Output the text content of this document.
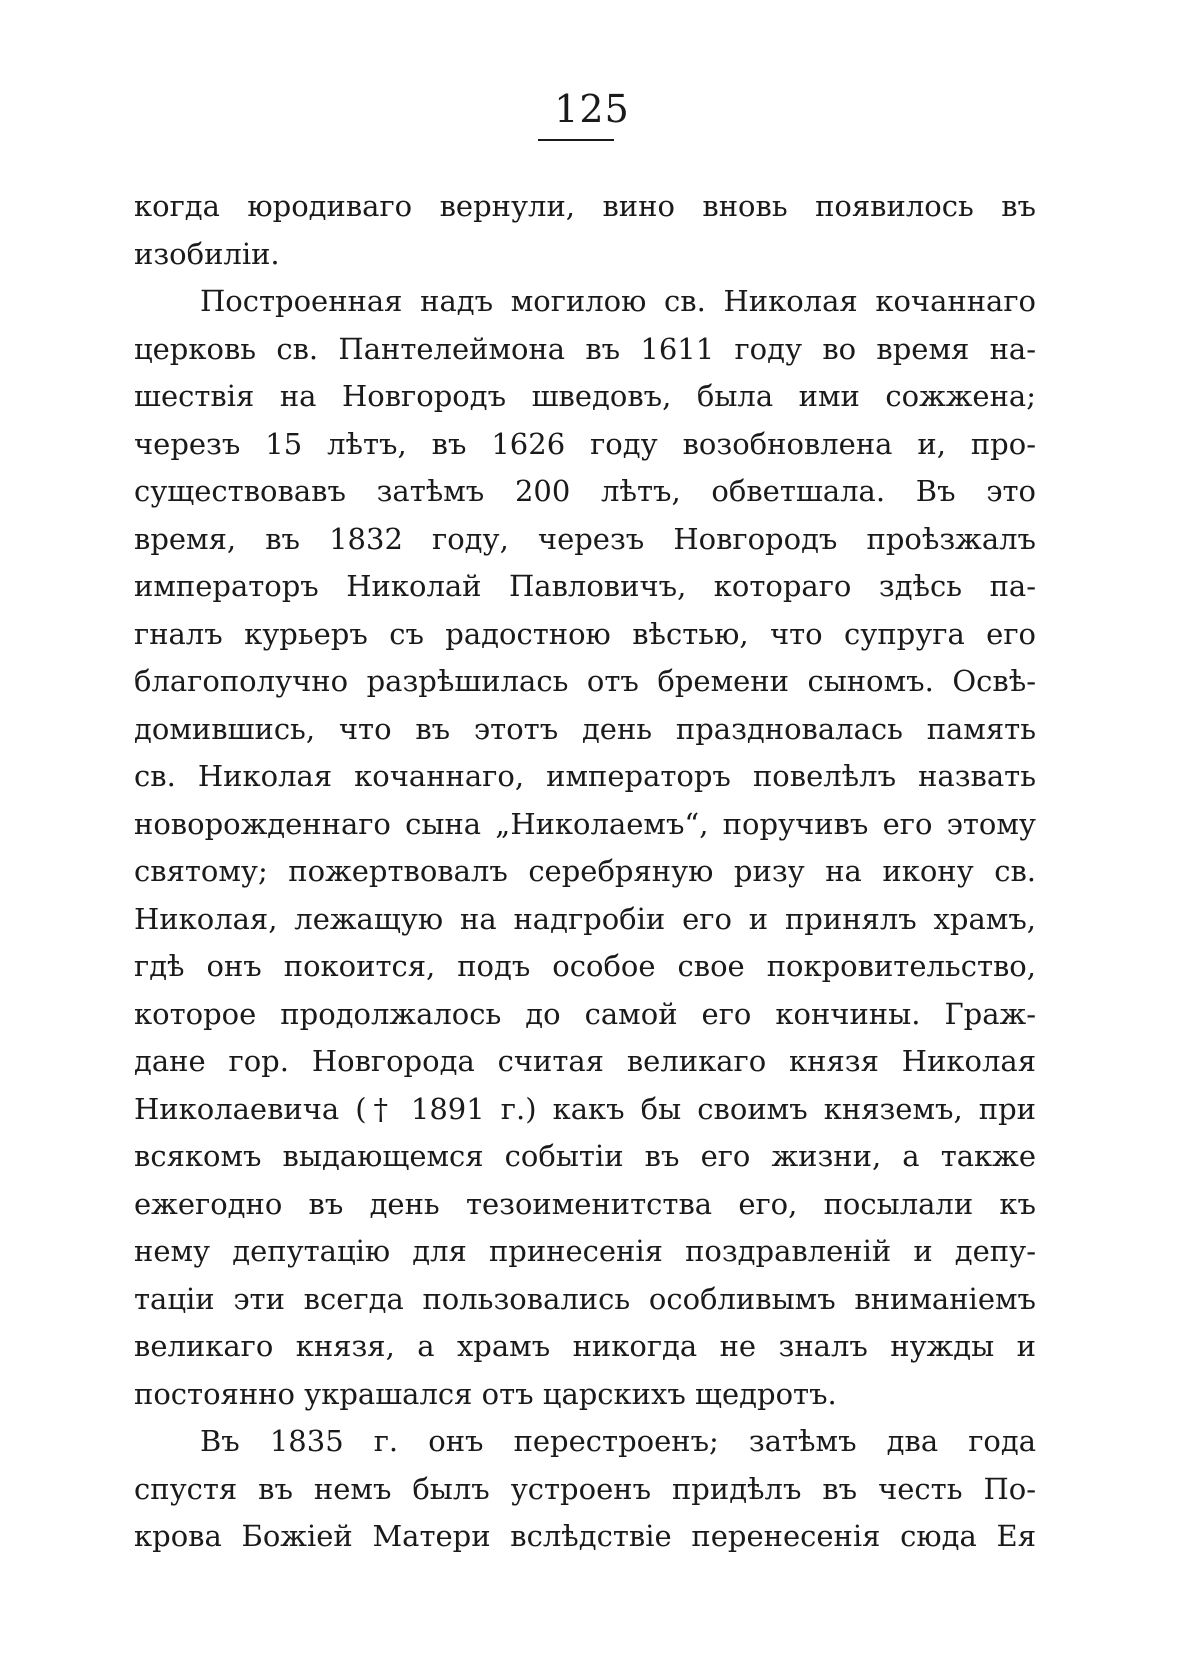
125
когда юродиваго вернули, вино вновь появилось въ
изобиліи.
Построенная надъ могилою св. Николая кочаннаго
церковь св. Пантелеймона въ 1611 году во время на-
шествія на Новгородъ шведовъ, была ими сожжена;
черезъ 15 лѣтъ, въ 1626 году возобновлена и, про-
существовавъ затѣмъ 200 лѣтъ, обветшала. Въ это
время, въ 1832 году, черезъ Новгородъ проѣзжалъ
императоръ Николай Павловичъ, котораго здѣсь па-
гналъ курьеръ съ радостною вѣстью, что супруга его
благополучно разрѣшилась отъ бремени сыномъ. Освѣ-
домившись, что въ этотъ день праздновалась память
св. Николая кочаннаго, императоръ повелѣлъ назвать
новорожденнаго сына „Николаемъ“, поручивъ его этому
святому; пожертвовалъ серебряную ризу на икону св.
Николая, лежащую на надгробіи его и принялъ храмъ,
гдѣ онъ покоится, подъ особое свое покровительство,
которое продолжалось до самой его кончины. Граж-
дане гор. Новгорода считая великаго князя Николая
Николаевича († 1891 г.) какъ бы своимъ княземъ, при
всякомъ выдающемся событіи въ его жизни, а также
ежегодно въ день тезоименитства его, посылали къ
нему депутацію для принесенія поздравленій и депу-
таціи эти всегда пользовались особливымъ вниманіемъ
великаго князя, а храмъ никогда не зналъ нужды и
постоянно украшался отъ царскихъ щедротъ.
Въ 1835 г. онъ перестроенъ; затѣмъ два года
спустя въ немъ былъ устроенъ придѣлъ въ честь По-
крова Божіей Матери вслѣдствіе перенесенія сюда Ея
